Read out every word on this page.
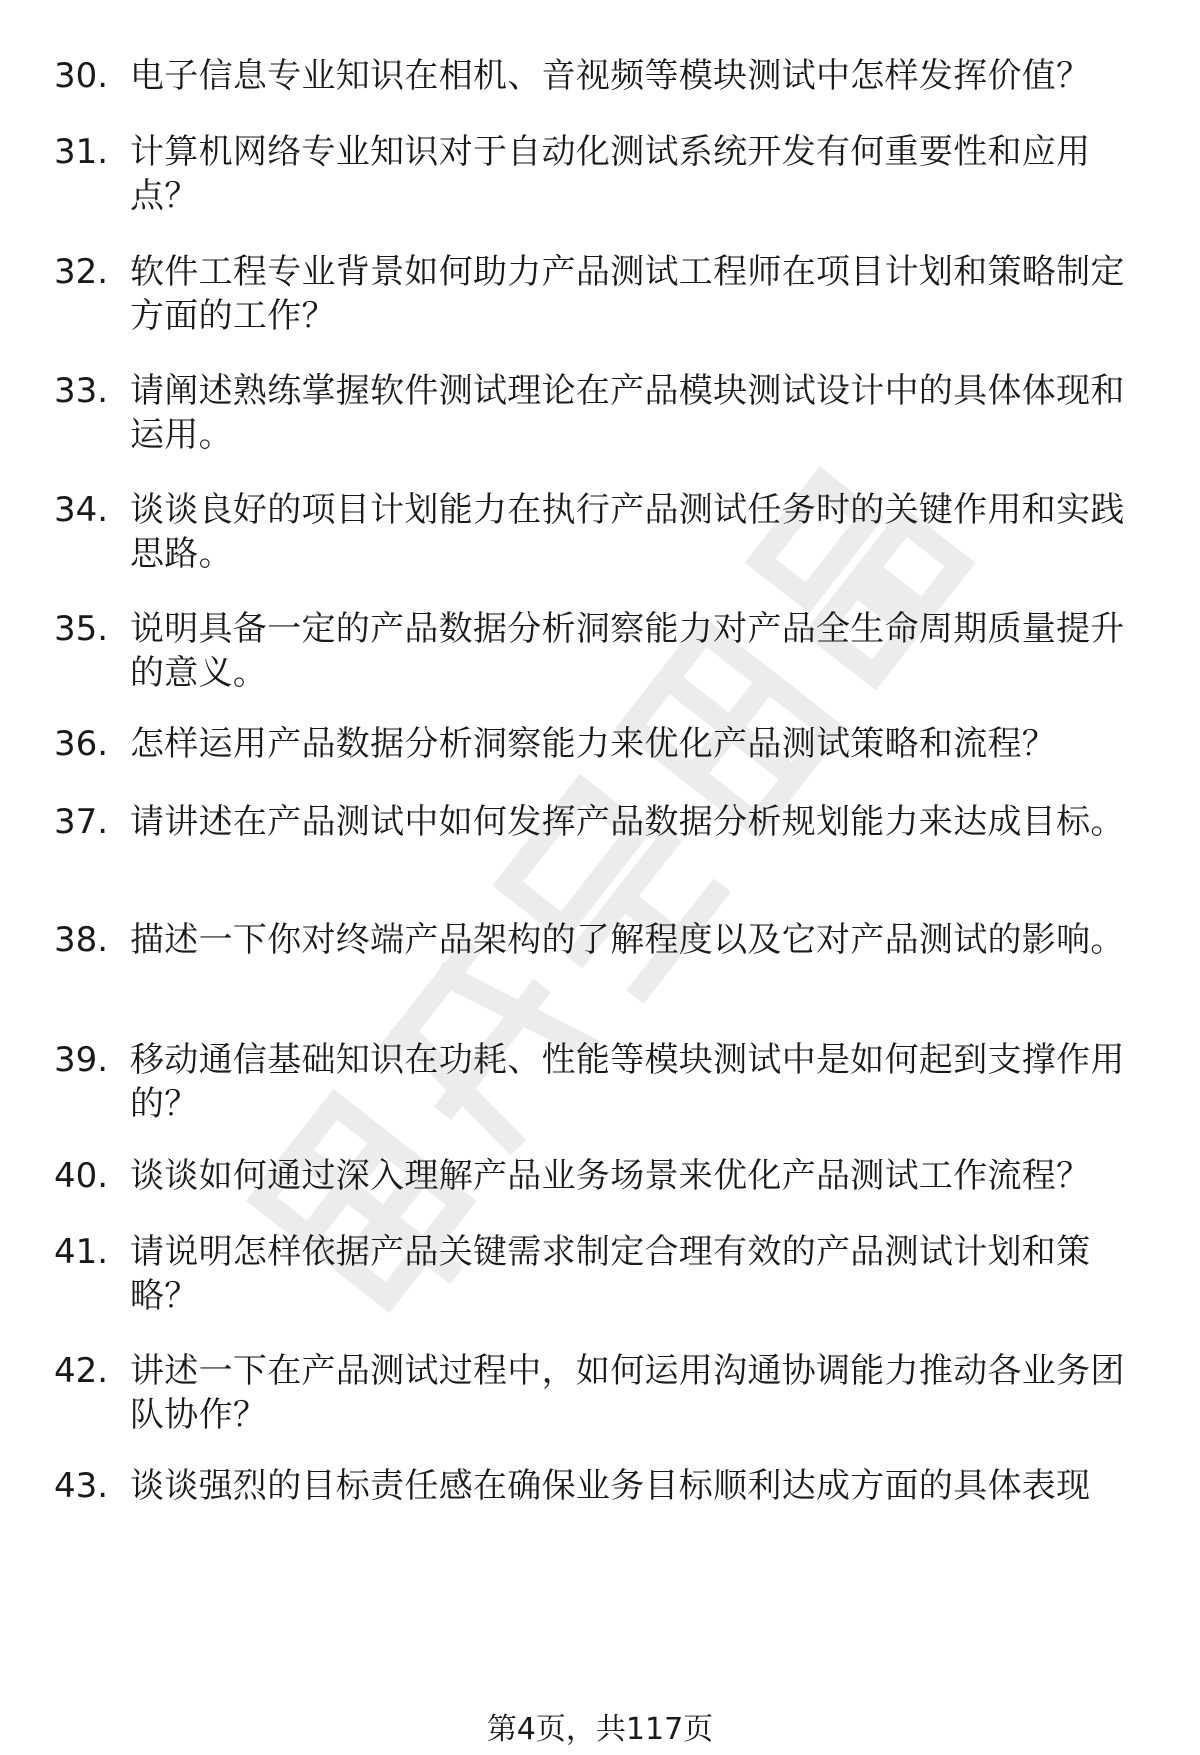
30. 电子信息专业知识在相机、音视频等模块测试中怎样发挥价值？
31. 计算机网络专业知识对于自动化测试系统开发有何重要性和应用点？
32. 软件工程专业背景如何助力产品测试工程师在项目计划和策略制定方面的工作？
33. 请阐述熟练掌握软件测试理论在产品模块测试设计中的具体体现和运用。
34. 谈谈良好的项目计划能力在执行产品测试任务时的关键作用和实践思路。
35. 说明具备一定的产品数据分析洞察能力对产品全生命周期质量提升的意义。
36. 怎样运用产品数据分析洞察能力来优化产品测试策略和流程？
37. 请讲述在产品测试中如何发挥产品数据分析规划能力来达成目标。
38. 描述一下你对终端产品架构的了解程度以及它对产品测试的影响。
39. 移动通信基础知识在功耗、性能等模块测试中是如何起到支撑作用的？
40. 谈谈如何通过深入理解产品业务场景来优化产品测试工作流程？
41. 请说明怎样依据产品关键需求制定合理有效的产品测试计划和策略？
42. 讲述一下在产品测试过程中，如何运用沟通协调能力推动各业务团队协作？
43. 谈谈强烈的目标责任感在确保业务目标顺利达成方面的具体表现
第4页，共117页
